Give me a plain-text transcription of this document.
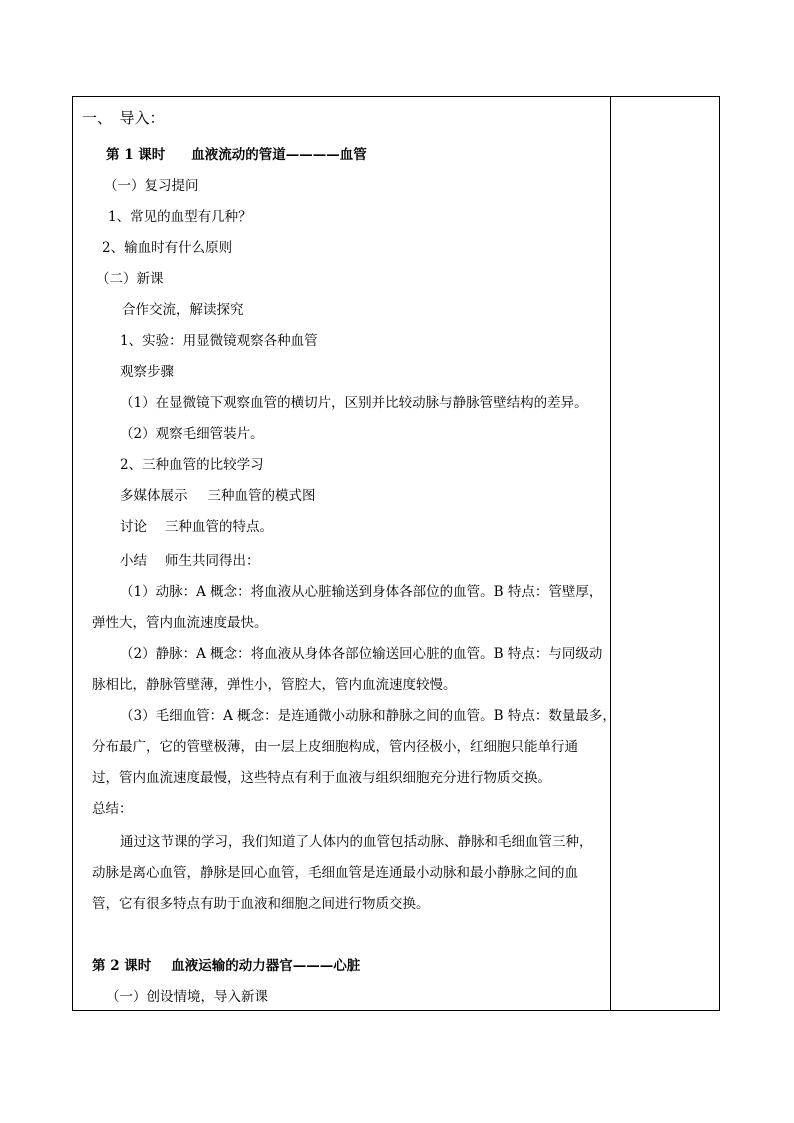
一、　导入：
第 1 课时 血液流动的管道————血管
（一）复习提问
1、常见的血型有几种？
2、输血时有什么原则
（二）新课
合作交流，解读探究
1、实验：用显微镜观察各种血管
观察步骤
（1）在显微镜下观察血管的横切片，区别并比较动脉与静脉管壁结构的差异。
（2）观察毛细管装片。
2、三种血管的比较学习
多媒体展示 三种血管的模式图
讨论 三种血管的特点。
小结 师生共同得出：
（1）动脉：A 概念：将血液从心脏输送到身体各部位的血管。B 特点：管壁厚，
弹性大，管内血流速度最快。
（2）静脉：A 概念：将血液从身体各部位输送回心脏的血管。B 特点：与同级动
脉相比，静脉管壁薄，弹性小，管腔大，管内血流速度较慢。
（3）毛细血管：A 概念：是连通微小动脉和静脉之间的血管。B 特点：数量最多，
分布最广，它的管壁极薄，由一层上皮细胞构成，管内径极小，红细胞只能单行通
过，管内血流速度最慢，这些特点有利于血液与组织细胞充分进行物质交换。
总结：
通过这节课的学习，我们知道了人体内的血管包括动脉、静脉和毛细血管三种，
动脉是离心血管，静脉是回心血管，毛细血管是连通最小动脉和最小静脉之间的血
管，它有很多特点有助于血液和细胞之间进行物质交换。
第 2 课时 血液运输的动力器官———心脏
（一）创设情境，导入新课
